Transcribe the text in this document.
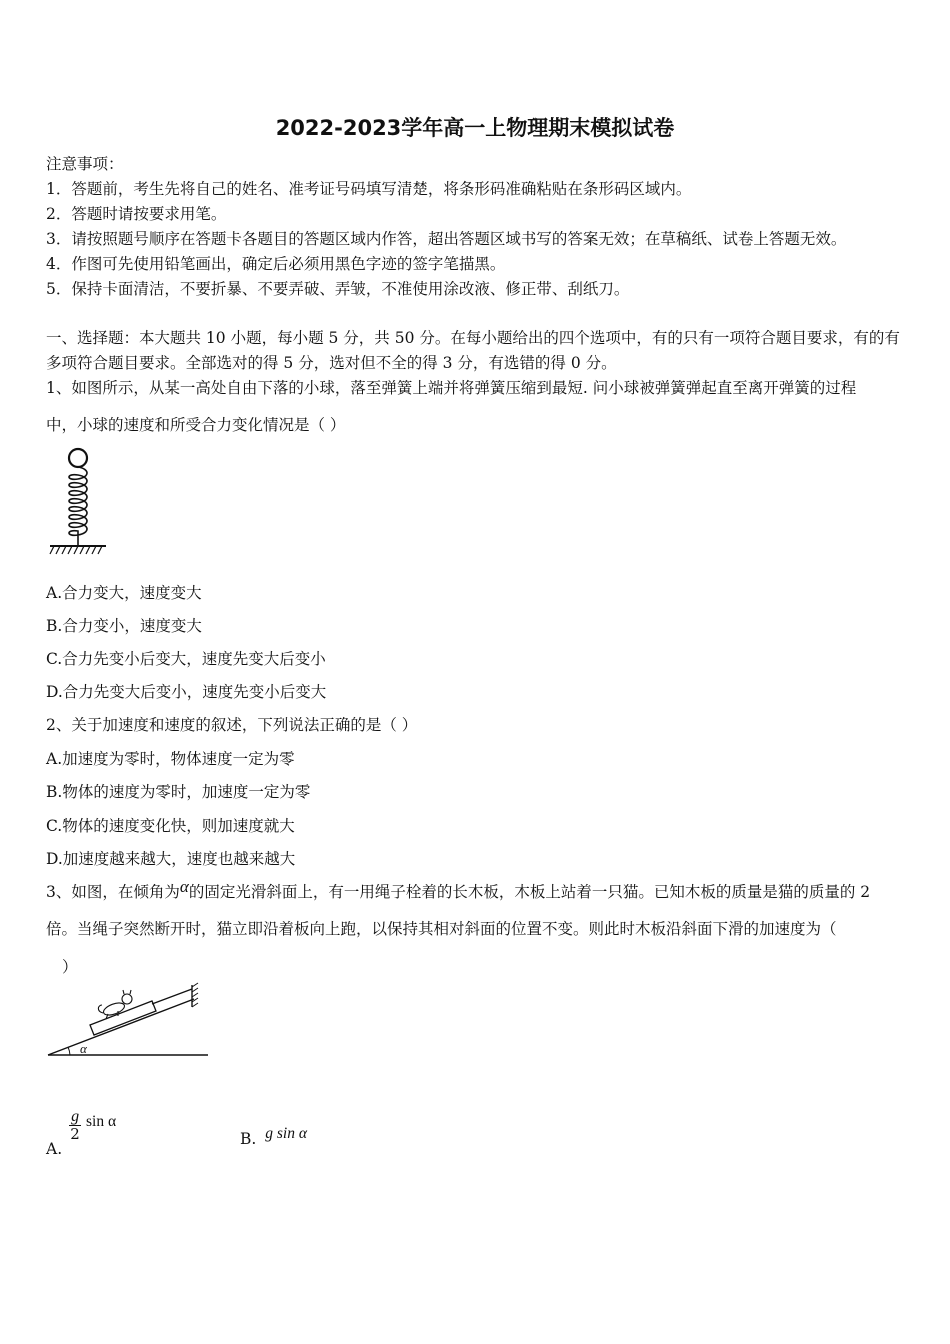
2022-2023学年高一上物理期末模拟试卷
注意事项：
1．答题前，考生先将自己的姓名、准考证号码填写清楚，将条形码准确粘贴在条形码区域内。
2．答题时请按要求用笔。
3．请按照题号顺序在答题卡各题目的答题区域内作答，超出答题区域书写的答案无效；在草稿纸、试卷上答题无效。
4．作图可先使用铅笔画出，确定后必须用黑色字迹的签字笔描黑。
5．保持卡面清洁，不要折暴、不要弄破、弄皱，不准使用涂改液、修正带、刮纸刀。
一、选择题：本大题共 10 小题，每小题 5 分，共 50 分。在每小题给出的四个选项中，有的只有一项符合题目要求，有的有
多项符合题目要求。全部选对的得 5 分，选对但不全的得 3 分，有选错的得 0 分。
1、如图所示，从某一高处自由下落的小球，落至弹簧上端并将弹簧压缩到最短. 问小球被弹簧弹起直至离开弹簧的过程
中，小球的速度和所受合力变化情况是（ ）
A.合力变大，速度变大
B.合力变小，速度变大
C.合力先变小后变大，速度先变大后变小
D.合力先变大后变小，速度先变小后变大
2、关于加速度和速度的叙述，下列说法正确的是（ ）
A.加速度为零时，物体速度一定为零
B.物体的速度为零时，加速度一定为零
C.物体的速度变化快，则加速度就大
D.加速度越来越大，速度也越来越大
3、如图，在倾角为α的固定光滑斜面上，有一用绳子栓着的长木板，木板上站着一只猫。已知木板的质量是猫的质量的 2
倍。当绳子突然断开时，猫立即沿着板向上跑，以保持其相对斜面的位置不变。则此时木板沿斜面下滑的加速度为（
）
α
A.
$\frac{g}{2}$ sin α
B. g sin α
